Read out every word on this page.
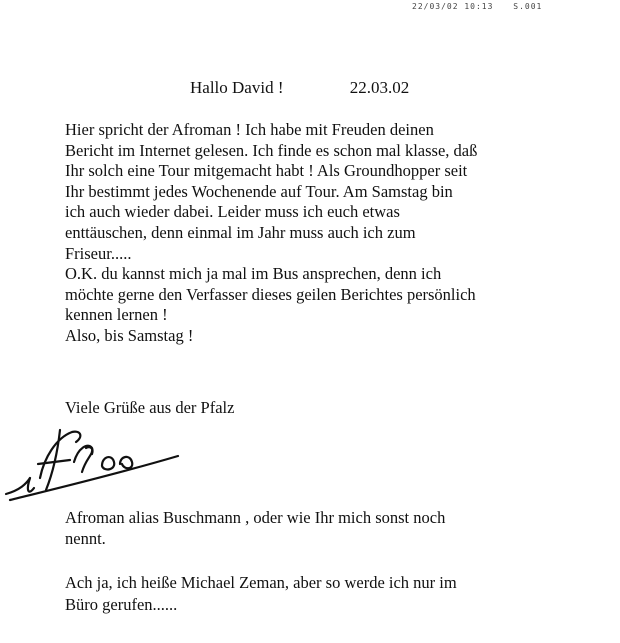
22/03/02 10:13 S.001
Hallo David !	22.03.02
Hier spricht der Afroman ! Ich habe mit Freuden deinen
Bericht im Internet gelesen. Ich finde es schon mal klasse, daß
Ihr solch eine Tour mitgemacht habt ! Als Groundhopper seit
Ihr bestimmt jedes Wochenende auf Tour. Am Samstag bin
ich auch wieder dabei. Leider muss ich euch etwas
enttäuschen, denn einmal im Jahr muss auch ich zum
Friseur.....
O.K. du kannst mich ja mal im Bus ansprechen, denn ich
möchte gerne den Verfasser dieses geilen Berichtes persönlich
kennen lernen !
Also, bis Samstag !
Viele Grüße aus der Pfalz
Afroman alias Buschmann , oder wie Ihr mich sonst noch
nennt.
Ach ja, ich heiße Michael Zeman, aber so werde ich nur im
Büro gerufen......
